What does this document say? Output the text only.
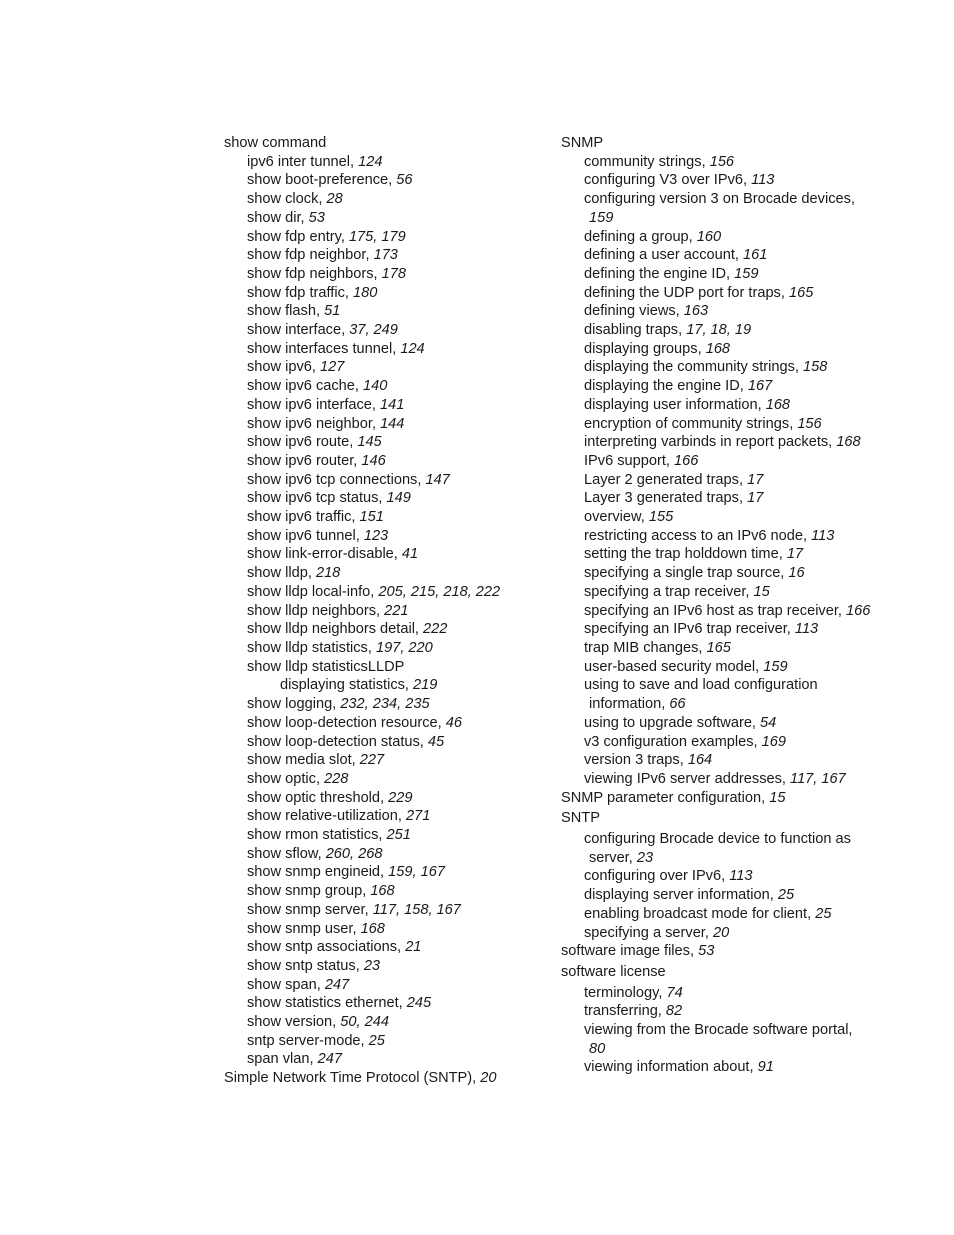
show command
ipv6 inter tunnel, 124
show boot-preference, 56
show clock, 28
show dir, 53
show fdp entry, 175, 179
show fdp neighbor, 173
show fdp neighbors, 178
show fdp traffic, 180
show flash, 51
show interface, 37, 249
show interfaces tunnel, 124
show ipv6, 127
show ipv6 cache, 140
show ipv6 interface, 141
show ipv6 neighbor, 144
show ipv6 route, 145
show ipv6 router, 146
show ipv6 tcp connections, 147
show ipv6 tcp status, 149
show ipv6 traffic, 151
show ipv6 tunnel, 123
show link-error-disable, 41
show lldp, 218
show lldp local-info, 205, 215, 218, 222
show lldp neighbors, 221
show lldp neighbors detail, 222
show lldp statistics, 197, 220
show lldp statisticsLLDP
displaying statistics, 219
show logging, 232, 234, 235
show loop-detection resource, 46
show loop-detection status, 45
show media slot, 227
show optic, 228
show optic threshold, 229
show relative-utilization, 271
show rmon statistics, 251
show sflow, 260, 268
show snmp engineid, 159, 167
show snmp group, 168
show snmp server, 117, 158, 167
show snmp user, 168
show sntp associations, 21
show sntp status, 23
show span, 247
show statistics ethernet, 245
show version, 50, 244
sntp server-mode, 25
span vlan, 247
Simple Network Time Protocol (SNTP), 20
SNMP
community strings, 156
configuring V3 over IPv6, 113
configuring version 3 on Brocade devices,
159
defining a group, 160
defining a user account, 161
defining the engine ID, 159
defining the UDP port for traps, 165
defining views, 163
disabling traps, 17, 18, 19
displaying groups, 168
displaying the community strings, 158
displaying the engine ID, 167
displaying user information, 168
encryption of community strings, 156
interpreting varbinds in report packets, 168
IPv6 support, 166
Layer 2 generated traps, 17
Layer 3 generated traps, 17
overview, 155
restricting access to an IPv6 node, 113
setting the trap holddown time, 17
specifying a single trap source, 16
specifying a trap receiver, 15
specifying an IPv6 host as trap receiver, 166
specifying an IPv6 trap receiver, 113
trap MIB changes, 165
user-based security model, 159
using to save and load configuration
information, 66
using to upgrade software, 54
v3 configuration examples, 169
version 3 traps, 164
viewing IPv6 server addresses, 117, 167
SNMP parameter configuration, 15
SNTP
configuring Brocade device to function as
server, 23
configuring over IPv6, 113
displaying server information, 25
enabling broadcast mode for client, 25
specifying a server, 20
software image files, 53
software license
terminology, 74
transferring, 82
viewing from the Brocade software portal,
80
viewing information about, 91
